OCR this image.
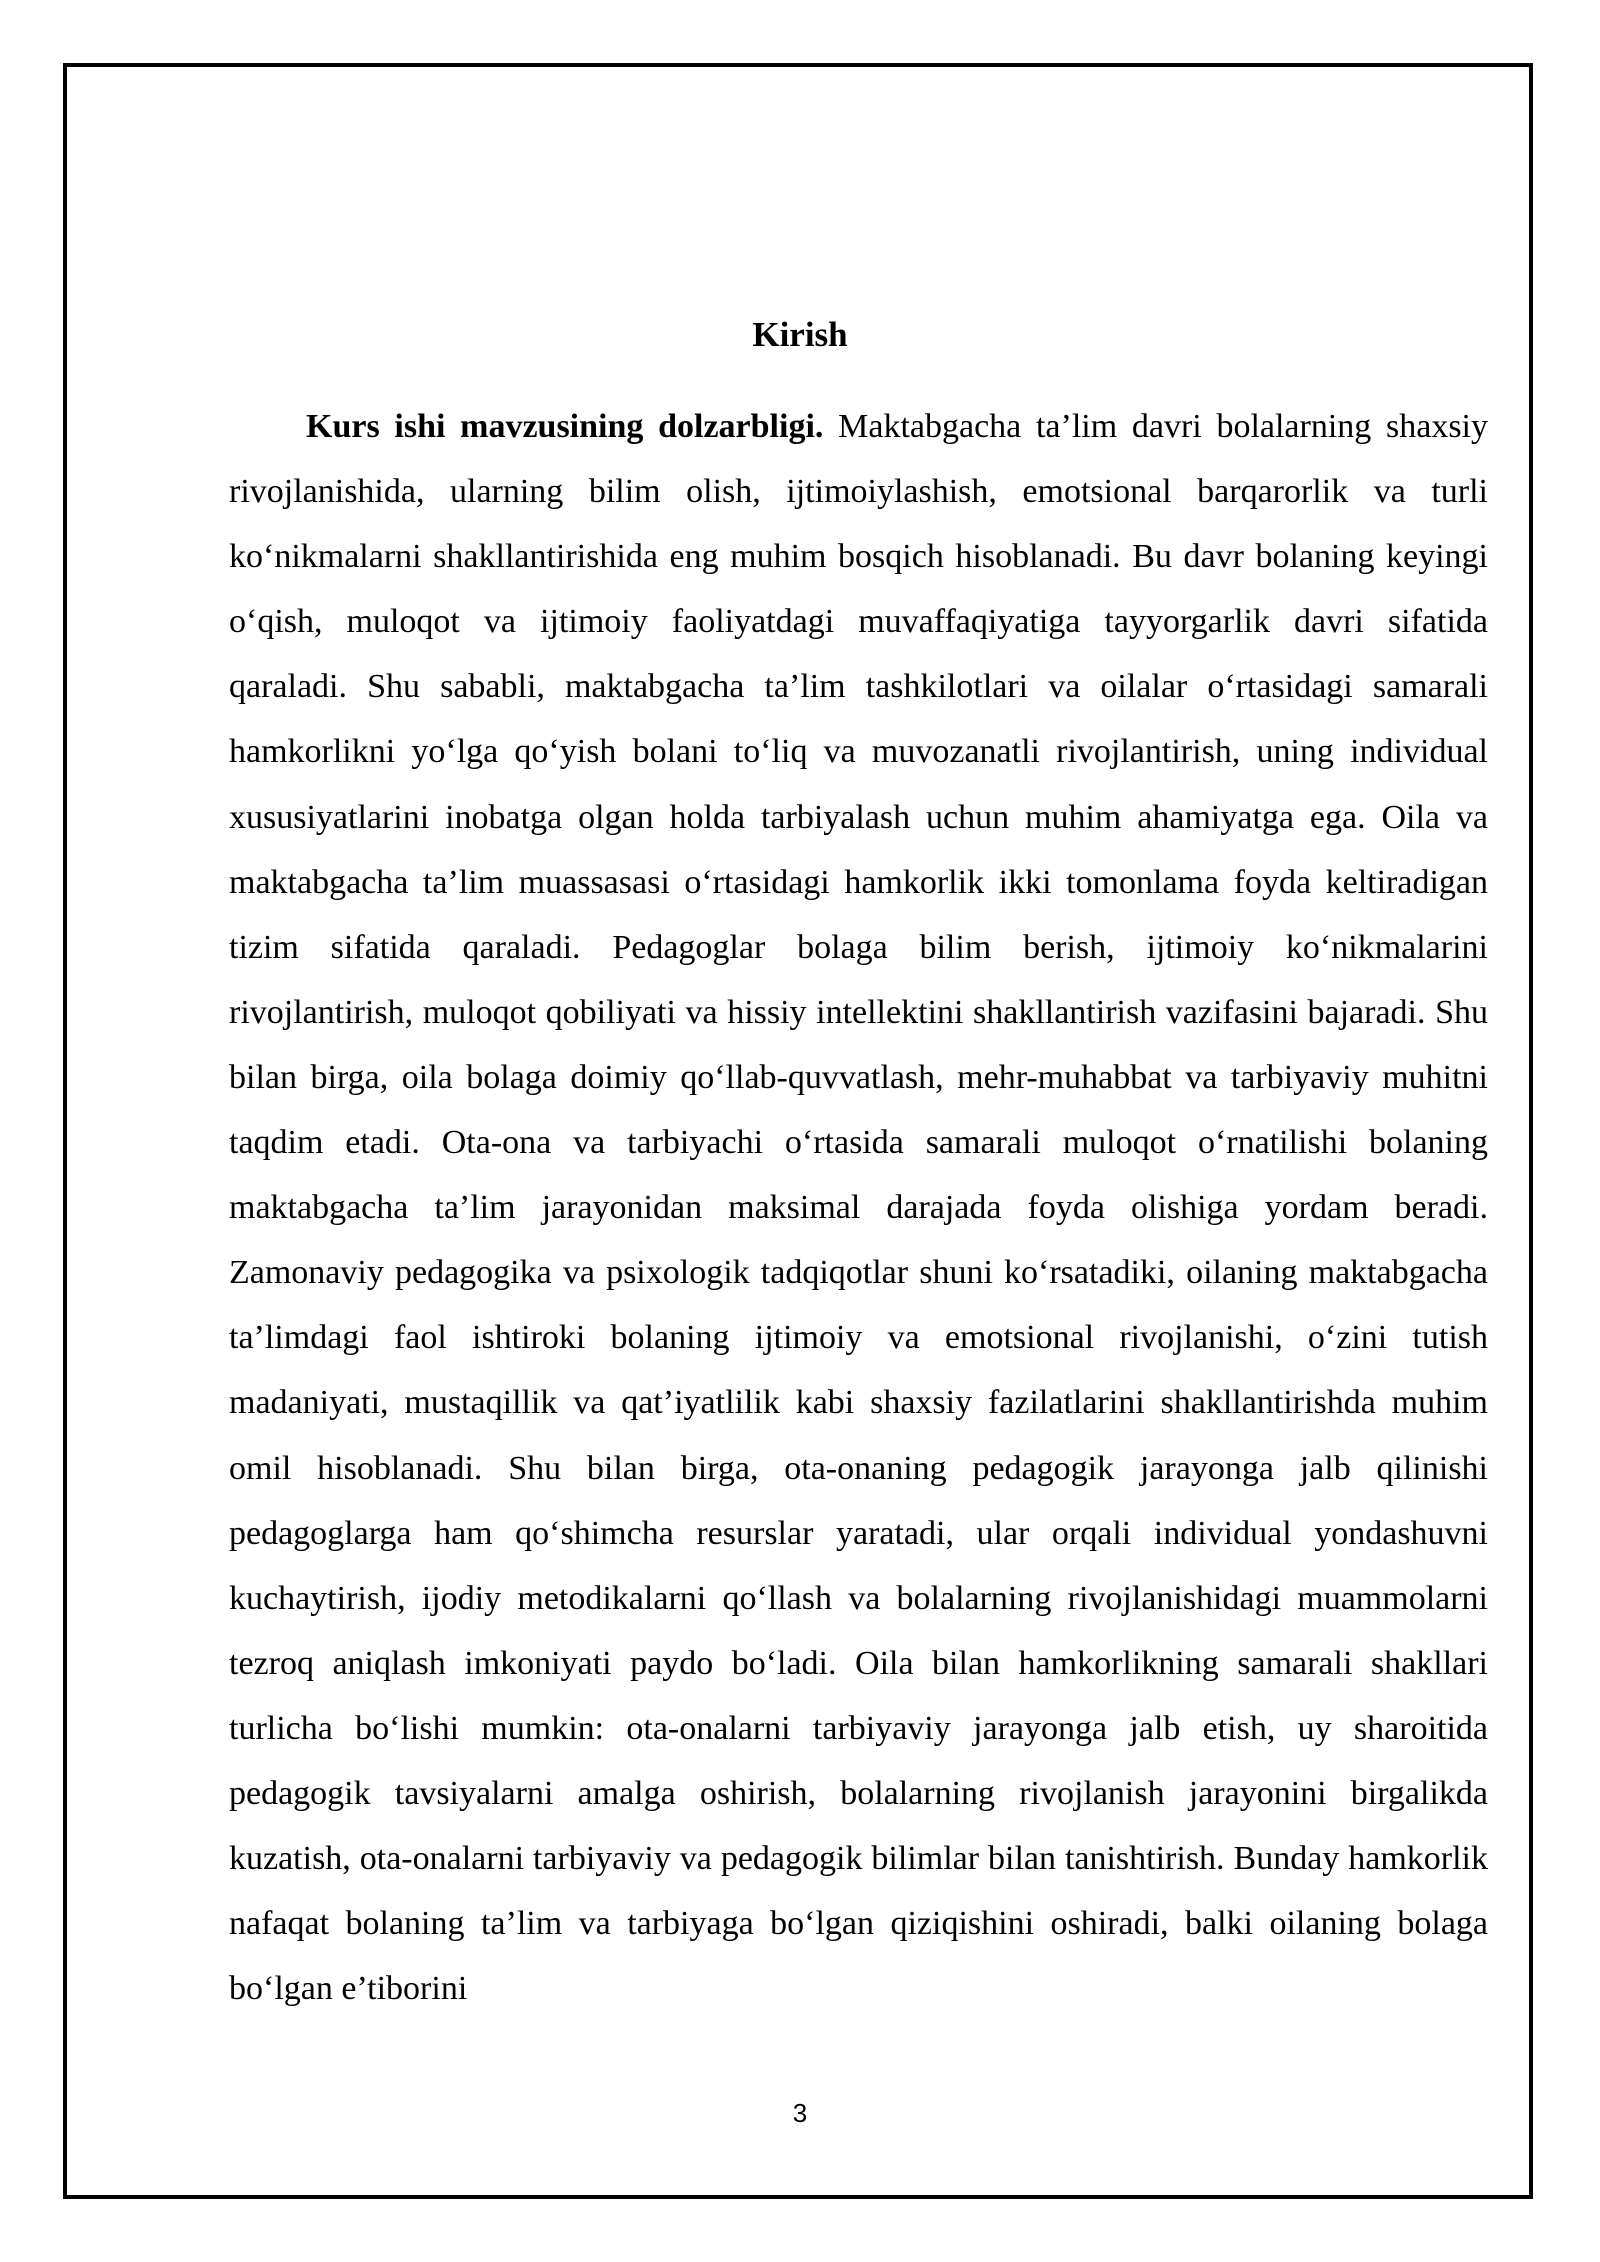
Kirish

Kurs ishi mavzusining dolzarbligi. Maktabgacha ta’lim davri bolalarning shaxsiy rivojlanishida, ularning bilim olish, ijtimoiylashish, emotsional barqarorlik va turli koʻnikmalarni shakllantirishida eng muhim bosqich hisoblanadi. Bu davr bolaning keyingi oʻqish, muloqot va ijtimoiy faoliyatdagi muvaffaqiyatiga tayyorgarlik davri sifatida qaraladi. Shu sababli, maktabgacha ta’lim tashkilotlari va oilalar oʻrtasidagi samarali hamkorlikni yoʻlga qoʻyish bolani toʻliq va muvozanatli rivojlantirish, uning individual xususiyatlarini inobatga olgan holda tarbiyalash uchun muhim ahamiyatga ega. Oila va maktabgacha ta’lim muassasasi oʻrtasidagi hamkorlik ikki tomonlama foyda keltiradigan tizim sifatida qaraladi. Pedagoglar bolaga bilim berish, ijtimoiy koʻnikmalarini rivojlantirish, muloqot qobiliyati va hissiy intellektini shakllantirish vazifasini bajaradi. Shu bilan birga, oila bolaga doimiy qoʻllab-quvvatlash, mehr-muhabbat va tarbiyaviy muhitni taqdim etadi. Ota-ona va tarbiyachi oʻrtasida samarali muloqot oʻrnatilishi bolaning maktabgacha ta’lim jarayonidan maksimal darajada foyda olishiga yordam beradi. Zamonaviy pedagogika va psixologik tadqiqotlar shuni koʻrsatadiki, oilaning maktabgacha ta’limdagi faol ishtiroki bolaning ijtimoiy va emotsional rivojlanishi, oʻzini tutish madaniyati, mustaqillik va qat’iyatlilik kabi shaxsiy fazilatlarini shakllantirishda muhim omil hisoblanadi. Shu bilan birga, ota-onaning pedagogik jarayonga jalb qilinishi pedagoglarga ham qoʻshimcha resurslar yaratadi, ular orqali individual yondashuvni kuchaytirish, ijodiy metodikalarni qoʻllash va bolalarning rivojlanishidagi muammolarni tezroq aniqlash imkoniyati paydo boʻladi. Oila bilan hamkorlikning samarali shakllari turlicha boʻlishi mumkin: ota-onalarni tarbiyaviy jarayonga jalb etish, uy sharoitida pedagogik tavsiyalarni amalga oshirish, bolalarning rivojlanish jarayonini birgalikda kuzatish, ota-onalarni tarbiyaviy va pedagogik bilimlar bilan tanishtirish. Bunday hamkorlik nafaqat bolaning ta’lim va tarbiyaga boʻlgan qiziqishini oshiradi, balki oilaning bolaga boʻlgan e’tiborini

3
